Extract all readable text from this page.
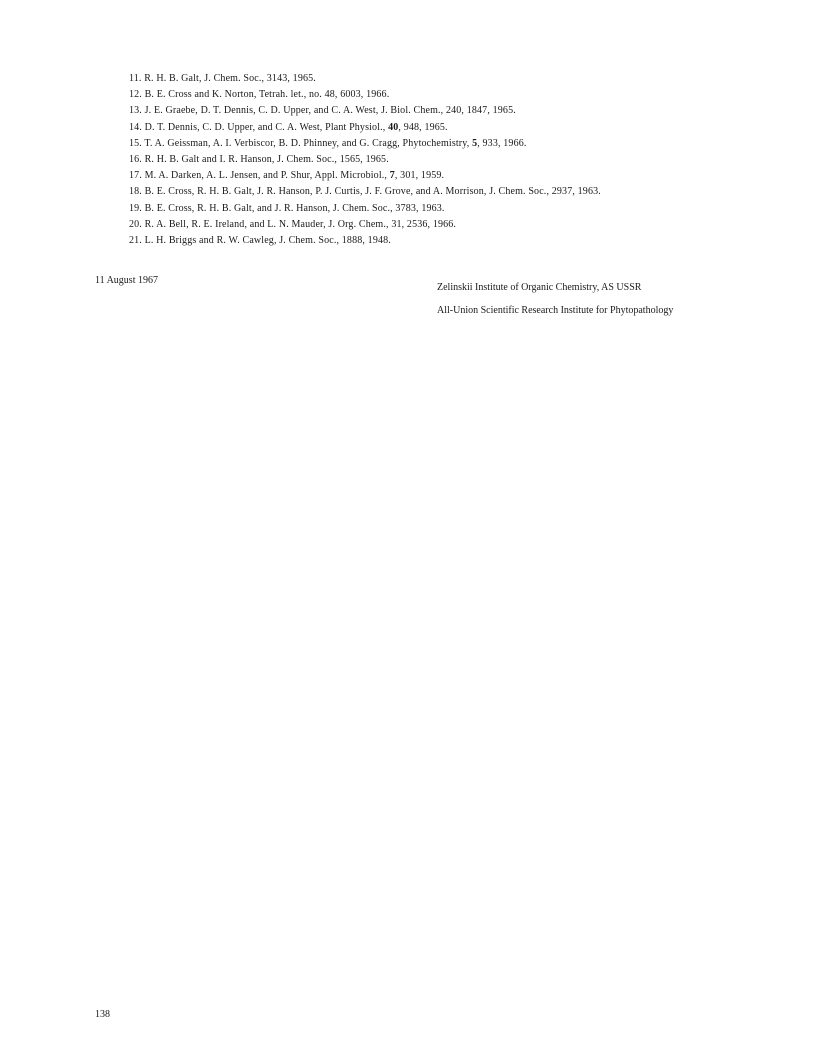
11. R. H. B. Galt, J. Chem. Soc., 3143, 1965.

12. B. E. Cross and K. Norton, Tetrah. let., no. 48, 6003, 1966.

13. J. E. Graebe, D. T. Dennis, C. D. Upper, and C. A. West, J. Biol. Chem., 240, 1847, 1965.

14. D. T. Dennis, C. D. Upper, and C. A. West, Plant Physiol., 40, 948, 1965.

15. T. A. Geissman, A. I. Verbiscor, B. D. Phinney, and G. Cragg, Phytochemistry, 5, 933, 1966.

16. R. H. B. Galt and I. R. Hanson, J. Chem. Soc., 1565, 1965.

17. M. A. Darken, A. L. Jensen, and P. Shur, Appl. Microbiol., 7, 301, 1959.

18. B. E. Cross, R. H. B. Galt, J. R. Hanson, P. J. Curtis, J. F. Grove, and A. Morrison, J. Chem. Soc., 2937, 1963.

19. B. E. Cross, R. H. B. Galt, and J. R. Hanson, J. Chem. Soc., 3783, 1963.

20. R. A. Bell, R. E. Ireland, and L. N. Mauder, J. Org. Chem., 31, 2536, 1966.

21. L. H. Briggs and R. W. Cawleg, J. Chem. Soc., 1888, 1948.

11 August 1967
Zelinskii Institute of Organic Chemistry, AS USSR
All-Union Scientific Research Institute for Phytopathology
138
